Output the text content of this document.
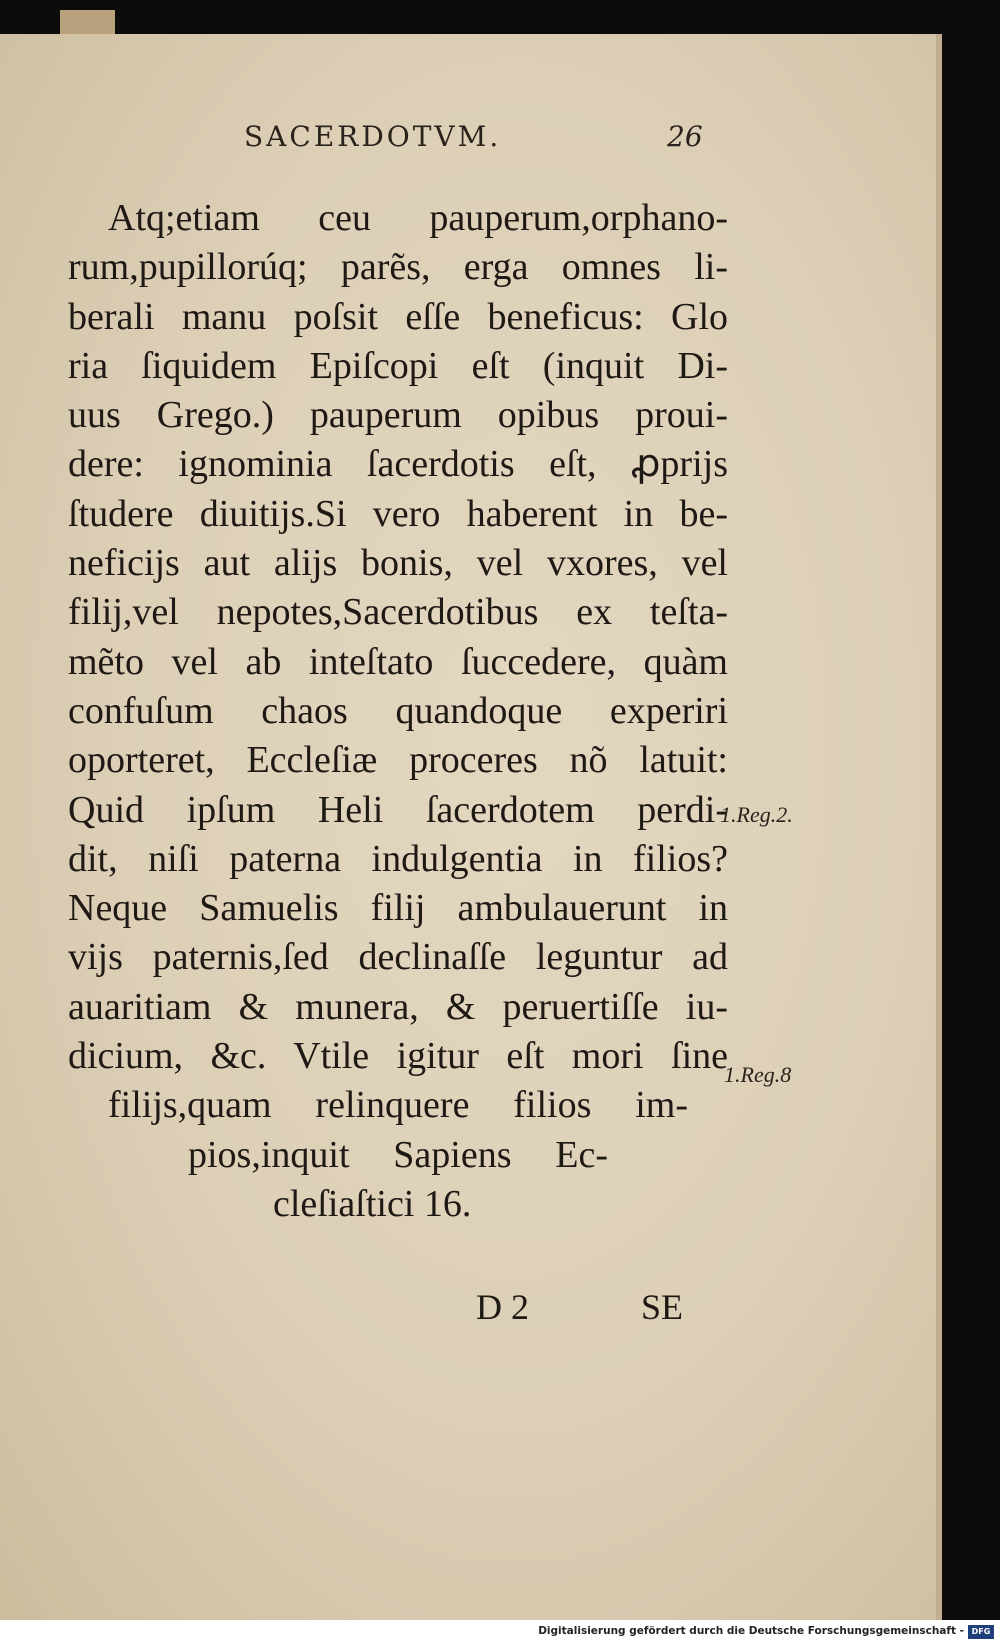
SACERDOTVM.	26
Atq;etiam ceu pauperum,orphano-
rum,pupillorúq; parẽs, erga omnes li-
berali manu poſsit eſſe beneficus: Glo
ria ſiquidem Epiſcopi eſt (inquit Di-
uus Grego.) pauperum opibus proui-
dere: ignominia ſacerdotis eſt, ꝓprijs
ſtudere diuitijs.Si vero haberent in be-
neficijs aut alijs bonis, vel vxores, vel
filij,vel nepotes,Sacerdotibus ex teſta-
mẽto vel ab inteſtato ſuccedere, quàm
confuſum chaos quandoque experiri
oporteret, Eccleſiæ proceres nõ latuit:
Quid ipſum Heli ſacerdotem perdi-
dit, niſi paterna indulgentia in filios?
Neque Samuelis filij ambulauerunt in
vijs paternis,ſed declinaſſe leguntur ad
auaritiam & munera, & peruertiſſe iu-
dicium, &c. Vtile igitur eſt mori ſine
filijs,quam relinquere filios im-
pios,inquit Sapiens Ec-
cleſiaſtici 16.
1.Reg.2.
1.Reg.8
D 2	SE
Digitalisierung gefördert durch die Deutsche Forschungsgemeinschaft - DFG
